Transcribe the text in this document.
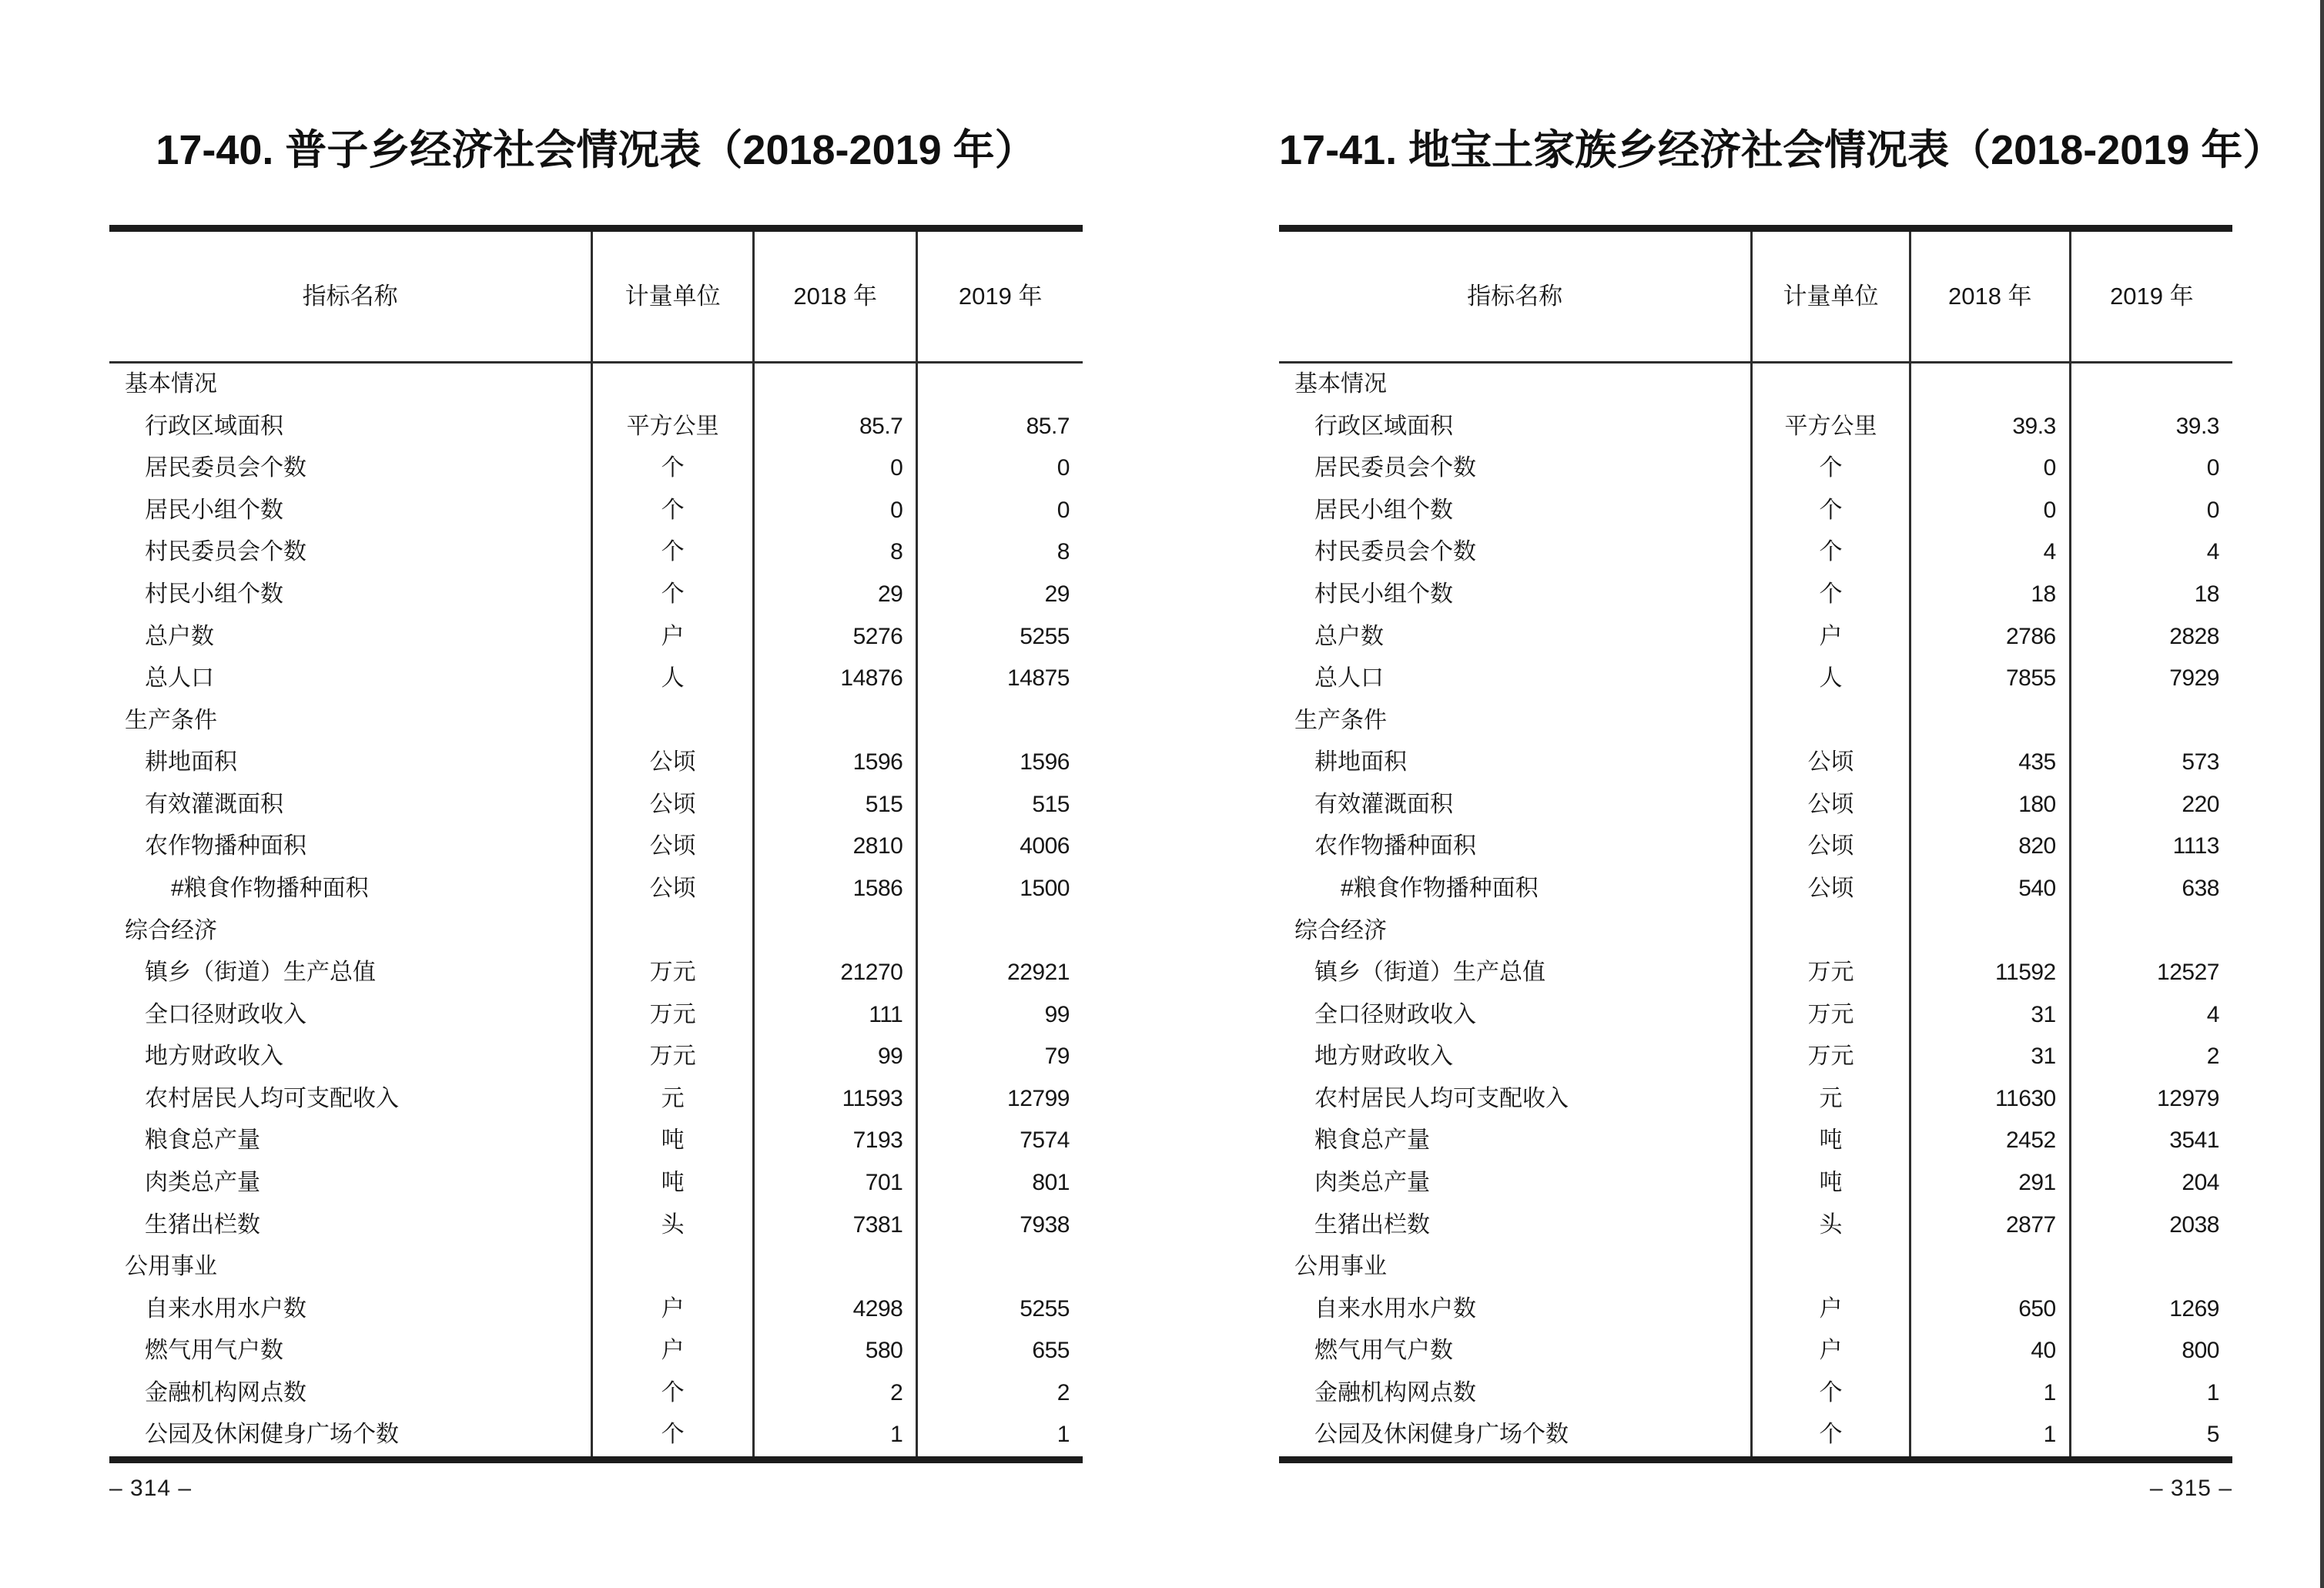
17-40. 普子乡经济社会情况表（2018-2019 年）
指标名称	计量单位	2018 年	2019 年
基本情况
行政区域面积	平方公里	85.7	85.7
居民委员会个数	个	0	0
居民小组个数	个	0	0
村民委员会个数	个	8	8
村民小组个数	个	29	29
总户数	户	5276	5255
总人口	人	14876	14875
生产条件
耕地面积	公顷	1596	1596
有效灌溉面积	公顷	515	515
农作物播种面积	公顷	2810	4006
#粮食作物播种面积	公顷	1586	1500
综合经济
镇乡（街道）生产总值	万元	21270	22921
全口径财政收入	万元	111	99
地方财政收入	万元	99	79
农村居民人均可支配收入	元	11593	12799
粮食总产量	吨	7193	7574
肉类总产量	吨	701	801
生猪出栏数	头	7381	7938
公用事业
自来水用水户数	户	4298	5255
燃气用气户数	户	580	655
金融机构网点数	个	2	2
公园及休闲健身广场个数	个	1	1
– 314 –
17-41. 地宝土家族乡经济社会情况表（2018-2019 年）
指标名称	计量单位	2018 年	2019 年
基本情况
行政区域面积	平方公里	39.3	39.3
居民委员会个数	个	0	0
居民小组个数	个	0	0
村民委员会个数	个	4	4
村民小组个数	个	18	18
总户数	户	2786	2828
总人口	人	7855	7929
生产条件
耕地面积	公顷	435	573
有效灌溉面积	公顷	180	220
农作物播种面积	公顷	820	1113
#粮食作物播种面积	公顷	540	638
综合经济
镇乡（街道）生产总值	万元	11592	12527
全口径财政收入	万元	31	4
地方财政收入	万元	31	2
农村居民人均可支配收入	元	11630	12979
粮食总产量	吨	2452	3541
肉类总产量	吨	291	204
生猪出栏数	头	2877	2038
公用事业
自来水用水户数	户	650	1269
燃气用气户数	户	40	800
金融机构网点数	个	1	1
公园及休闲健身广场个数	个	1	5
– 315 –
